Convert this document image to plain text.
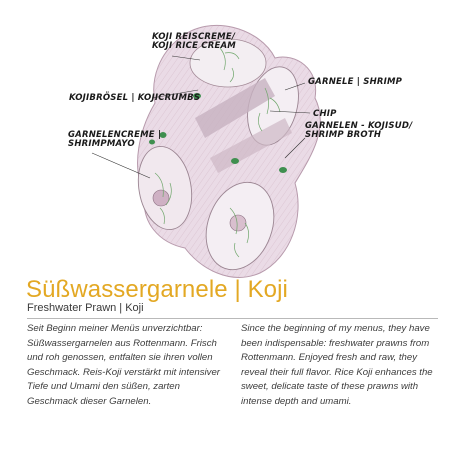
KOJI REISCREME/
KOJI RICE CREAM
KOJIBRÖSEL | KOJICRUMBS
GARNELENCREME |
SHRIMPMAYO
GARNELE | SHRIMP
CHIP
GARNELEN - KOJISUD/
SHRIMP BROTH
Süßwassergarnele | Koji
Freshwater Prawn | Koji
Seit Beginn meiner Menüs unverzichtbar: Süßwassergarnelen aus Rottenmann. Frisch und roh genossen, entfalten sie ihren vollen Geschmack. Reis-Koji verstärkt mit intensiver Tiefe und Umami den süßen, zarten Geschmack dieser Garnelen.
Since the beginning of my menus, they have been indispensable: freshwater prawns from Rottenmann. Enjoyed fresh and raw, they reveal their full flavor. Rice Koji enhances the sweet, delicate taste of these prawns with intense depth and umami.
